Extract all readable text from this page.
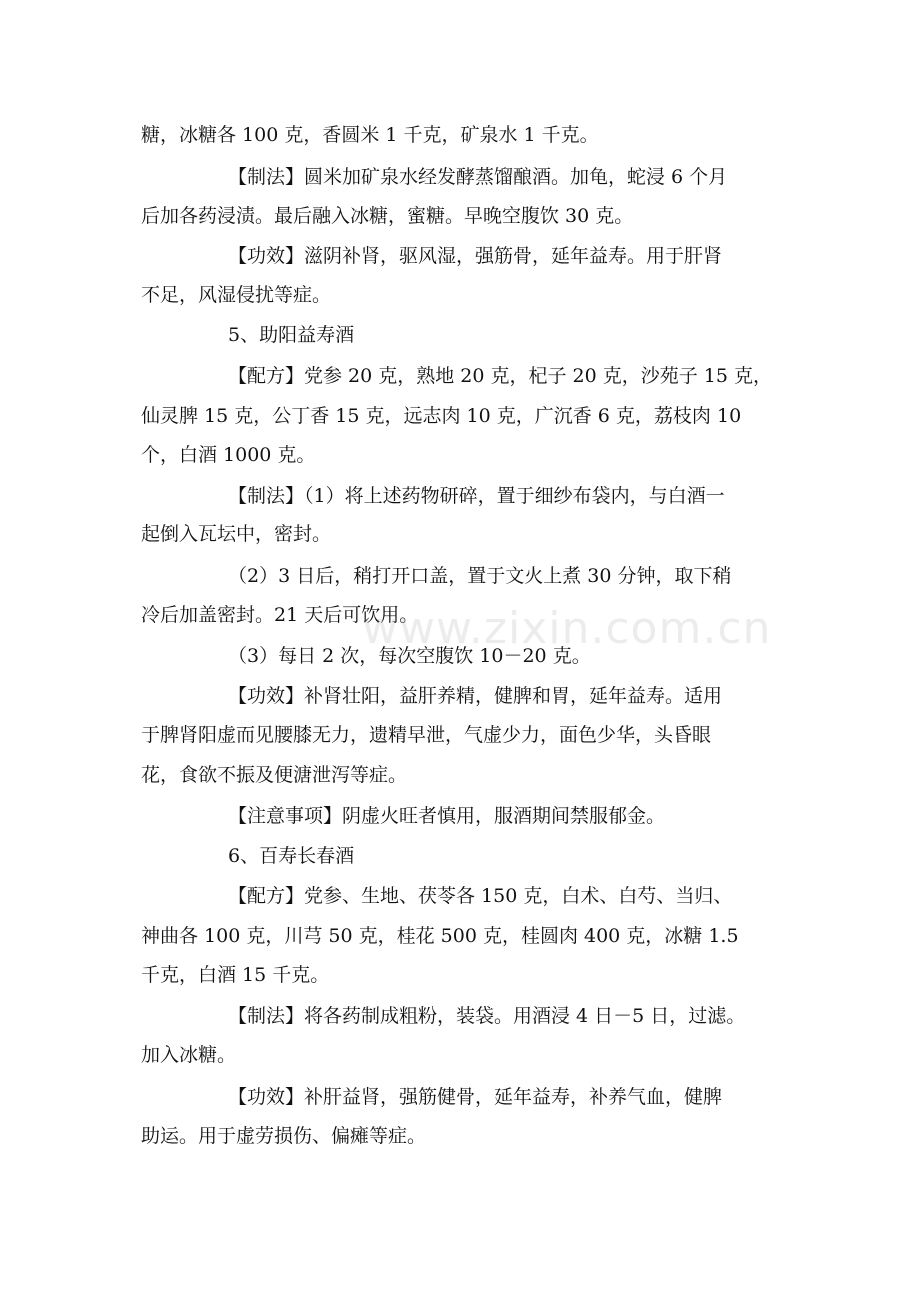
糖，冰糖各 100 克，香圆米 1 千克，矿泉水 1 千克。
【制法】圆米加矿泉水经发酵蒸馏酿酒。加龟，蛇浸 6 个月
后加各药浸渍。最后融入冰糖，蜜糖。早晚空腹饮 30 克。
【功效】滋阴补肾，驱风湿，强筋骨，延年益寿。用于肝肾
不足，风湿侵扰等症。
5、助阳益寿酒
【配方】党参 20 克，熟地 20 克，杞子 20 克，沙苑子 15 克，
仙灵脾 15 克，公丁香 15 克，远志肉 10 克，广沉香 6 克，荔枝肉 10
个，白酒 1000 克。
【制法】（1）将上述药物研碎，置于细纱布袋内，与白酒一
起倒入瓦坛中，密封。
（2）3 日后，稍打开口盖，置于文火上煮 30 分钟，取下稍
冷后加盖密封。21 天后可饮用。
（3）每日 2 次，每次空腹饮 10－20 克。
【功效】补肾壮阳，益肝养精，健脾和胃，延年益寿。适用
于脾肾阳虚而见腰膝无力，遗精早泄，气虚少力，面色少华，头昏眼
花，食欲不振及便溏泄泻等症。
【注意事项】阴虚火旺者慎用，服酒期间禁服郁金。
6、百寿长春酒
【配方】党参、生地、茯苓各 150 克，白术、白芍、当归、
神曲各 100 克，川芎 50 克，桂花 500 克，桂圆肉 400 克，冰糖 1.5
千克，白酒 15 千克。
【制法】将各药制成粗粉，装袋。用酒浸 4 日－5 日，过滤。
加入冰糖。
【功效】补肝益肾，强筋健骨，延年益寿，补养气血，健脾
助运。用于虚劳损伤、偏瘫等症。
www.zixin.com.cn
